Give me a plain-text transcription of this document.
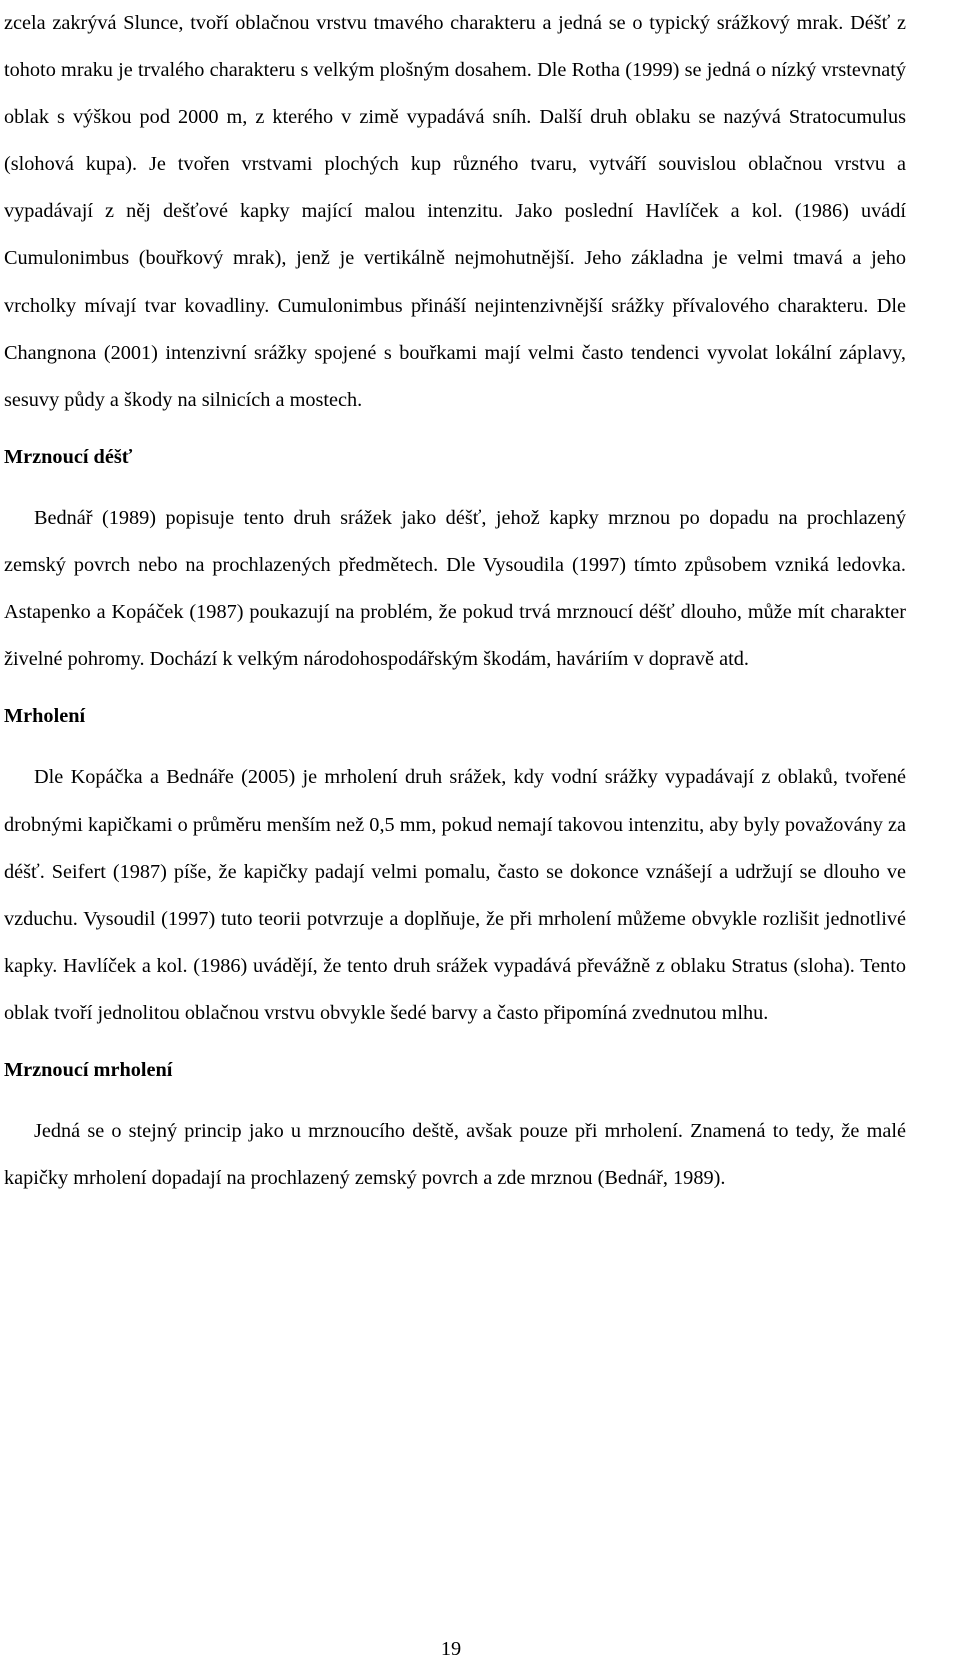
zcela zakrývá Slunce, tvoří oblačnou vrstvu tmavého charakteru a jedná se o typický srážkový mrak. Déšť z tohoto mraku je trvalého charakteru s velkým plošným dosahem. Dle Rotha (1999) se jedná o nízký vrstevnatý oblak s výškou pod 2000 m, z kterého v zimě vypadává sníh. Další druh oblaku se nazývá Stratocumulus (slohová kupa). Je tvořen vrstvami plochých kup různého tvaru, vytváří souvislou oblačnou vrstvu a vypadávají z něj dešťové kapky mající malou intenzitu. Jako poslední Havlíček a kol. (1986) uvádí Cumulonimbus (bouřkový mrak), jenž je vertikálně nejmohutnější. Jeho základna je velmi tmavá a jeho vrcholky mívají tvar kovadliny. Cumulonimbus přináší nejintenzivnější srážky přívalového charakteru. Dle Changnona (2001) intenzivní srážky spojené s bouřkami mají velmi často tendenci vyvolat lokální záplavy, sesuvy půdy a škody na silnicích a mostech.

Mrznoucí déšť

Bednář (1989) popisuje tento druh srážek jako déšť, jehož kapky mrznou po dopadu na prochlazený zemský povrch nebo na prochlazených předmětech. Dle Vysoudila (1997) tímto způsobem vzniká ledovka. Astapenko a Kopáček (1987) poukazují na problém, že pokud trvá mrznoucí déšť dlouho, může mít charakter živelné pohromy. Dochází k velkým národohospodářským škodám, haváriím v dopravě atd.

Mrholení

Dle Kopáčka a Bednáře (2005) je mrholení druh srážek, kdy vodní srážky vypadávají z oblaků, tvořené drobnými kapičkami o průměru menším než 0,5 mm, pokud nemají takovou intenzitu, aby byly považovány za déšť. Seifert (1987) píše, že kapičky padají velmi pomalu, často se dokonce vznášejí a udržují se dlouho ve vzduchu. Vysoudil (1997) tuto teorii potvrzuje a doplňuje, že při mrholení můžeme obvykle rozlišit jednotlivé kapky. Havlíček a kol. (1986) uvádějí, že tento druh srážek vypadává převážně z oblaku Stratus (sloha). Tento oblak tvoří jednolitou oblačnou vrstvu obvykle šedé barvy a často připomíná zvednutou mlhu.

Mrznoucí mrholení

Jedná se o stejný princip jako u mrznoucího deště, avšak pouze při mrholení. Znamená to tedy, že malé kapičky mrholení dopadají na prochlazený zemský povrch a zde mrznou (Bednář, 1989).

19
